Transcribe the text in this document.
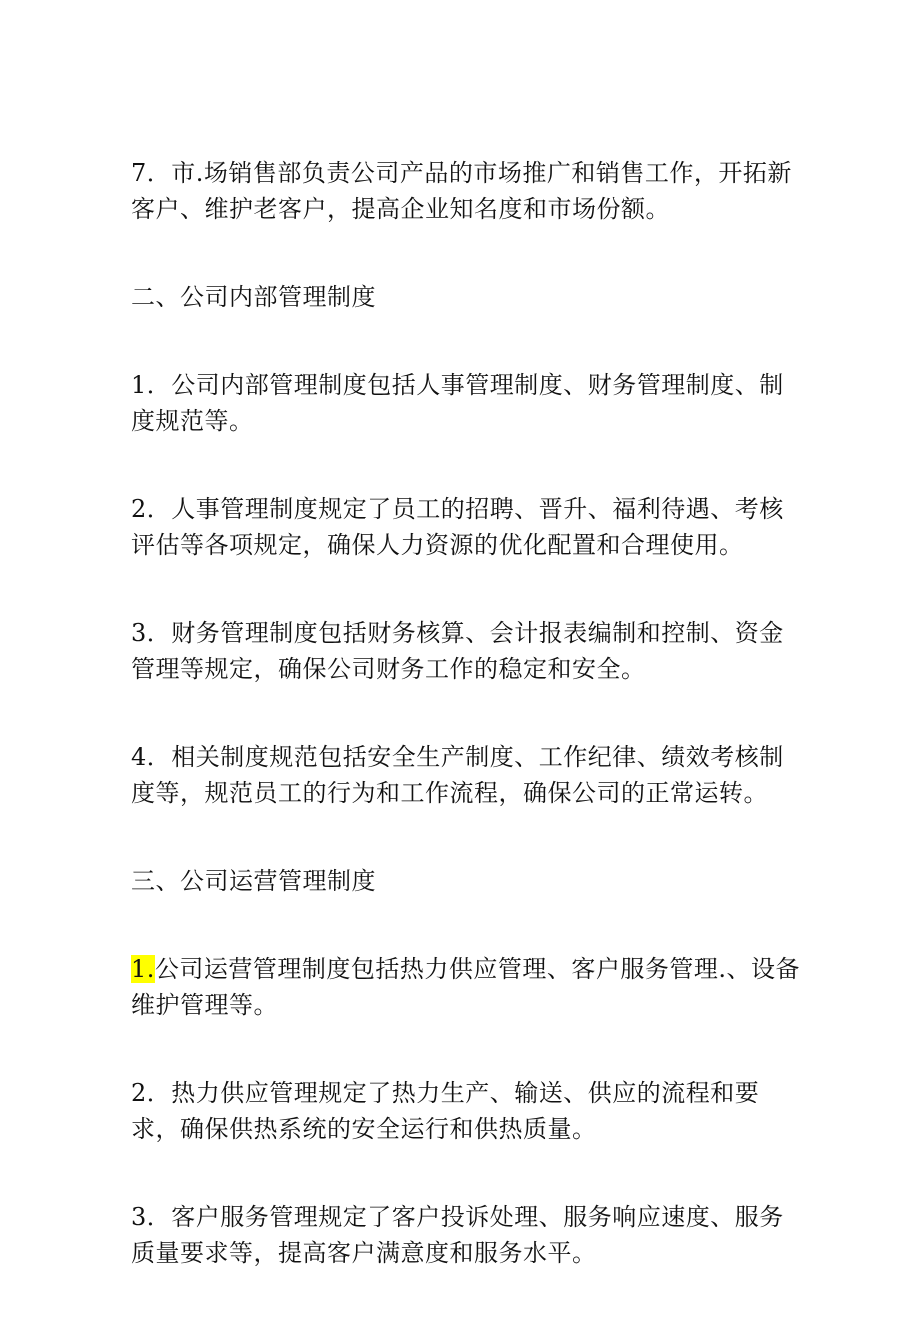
7．市.场销售部负责公司产品的市场推广和销售工作，开拓新客户、维护老客户，提高企业知名度和市场份额。

二、公司内部管理制度

1．公司内部管理制度包括人事管理制度、财务管理制度、制度规范等。

2．人事管理制度规定了员工的招聘、晋升、福利待遇、考核评估等各项规定，确保人力资源的优化配置和合理使用。

3．财务管理制度包括财务核算、会计报表编制和控制、资金管理等规定，确保公司财务工作的稳定和安全。

4．相关制度规范包括安全生产制度、工作纪律、绩效考核制度等，规范员工的行为和工作流程，确保公司的正常运转。

三、公司运营管理制度

1.公司运营管理制度包括热力供应管理、客户服务管理.、设备维护管理等。

2．热力供应管理规定了热力生产、输送、供应的流程和要求，确保供热系统的安全运行和供热质量。

3．客户服务管理规定了客户投诉处理、服务响应速度、服务质量要求等，提高客户满意度和服务水平。
